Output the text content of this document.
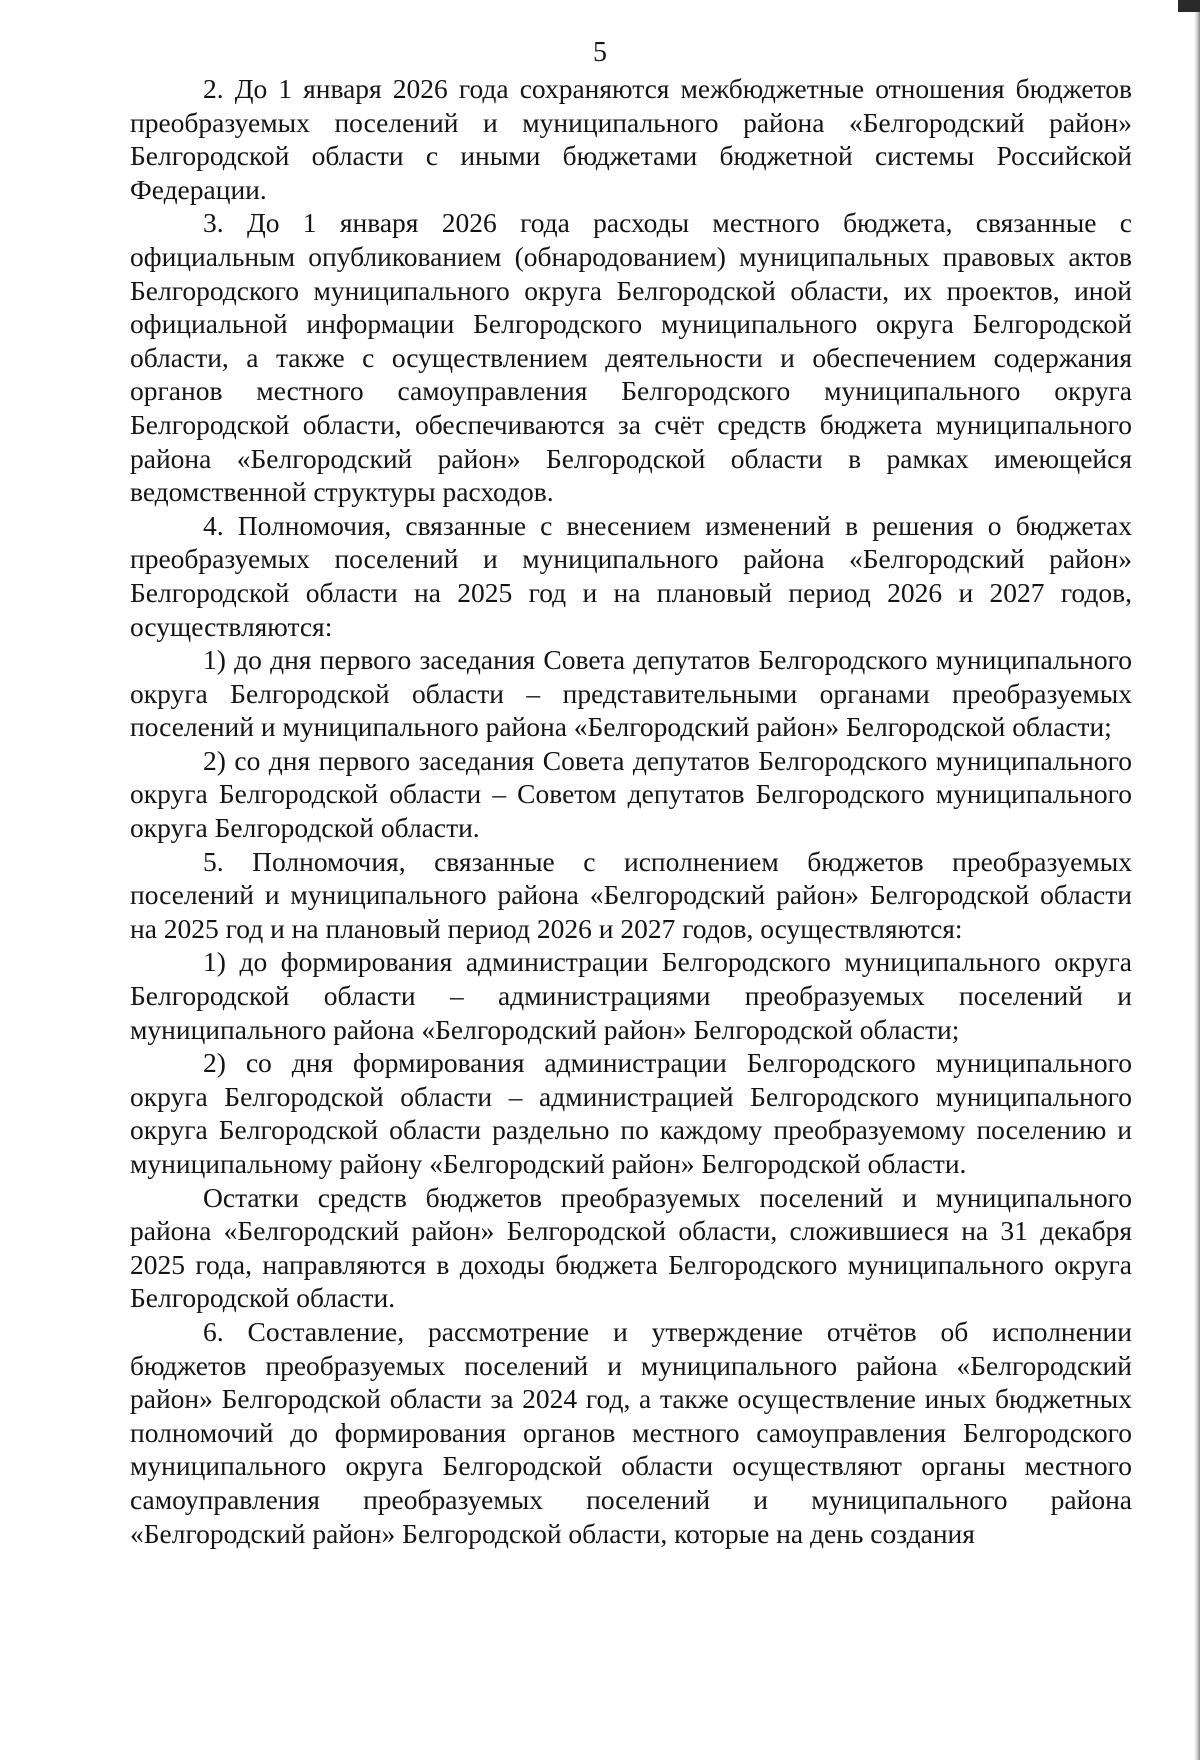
5

2. До 1 января 2026 года сохраняются межбюджетные отношения бюджетов преобразуемых поселений и муниципального района «Белгородский район» Белгородской области с иными бюджетами бюджетной системы Российской Федерации.

3. До 1 января 2026 года расходы местного бюджета, связанные с официальным опубликованием (обнародованием) муниципальных правовых актов Белгородского муниципального округа Белгородской области, их проектов, иной официальной информации Белгородского муниципального округа Белгородской области, а также с осуществлением деятельности и обеспечением содержания органов местного самоуправления Белгородского муниципального округа Белгородской области, обеспечиваются за счёт средств бюджета муниципального района «Белгородский район» Белгородской области в рамках имеющейся ведомственной структуры расходов.

4. Полномочия, связанные с внесением изменений в решения о бюджетах преобразуемых поселений и муниципального района «Белгородский район» Белгородской области на 2025 год и на плановый период 2026 и 2027 годов, осуществляются:

1) до дня первого заседания Совета депутатов Белгородского муниципального округа Белгородской области – представительными органами преобразуемых поселений и муниципального района «Белгородский район» Белгородской области;

2) со дня первого заседания Совета депутатов Белгородского муниципального округа Белгородской области – Советом депутатов Белгородского муниципального округа Белгородской области.

5. Полномочия, связанные с исполнением бюджетов преобразуемых поселений и муниципального района «Белгородский район» Белгородской области на 2025 год и на плановый период 2026 и 2027 годов, осуществляются:

1) до формирования администрации Белгородского муниципального округа Белгородской области – администрациями преобразуемых поселений и муниципального района «Белгородский район» Белгородской области;

2) со дня формирования администрации Белгородского муниципального округа Белгородской области – администрацией Белгородского муниципального округа Белгородской области раздельно по каждому преобразуемому поселению и муниципальному району «Белгородский район» Белгородской области.

Остатки средств бюджетов преобразуемых поселений и муниципального района «Белгородский район» Белгородской области, сложившиеся на 31 декабря 2025 года, направляются в доходы бюджета Белгородского муниципального округа Белгородской области.

6. Составление, рассмотрение и утверждение отчётов об исполнении бюджетов преобразуемых поселений и муниципального района «Белгородский район» Белгородской области за 2024 год, а также осуществление иных бюджетных полномочий до формирования органов местного самоуправления Белгородского муниципального округа Белгородской области осуществляют органы местного самоуправления преобразуемых поселений и муниципального района «Белгородский район» Белгородской области, которые на день создания
